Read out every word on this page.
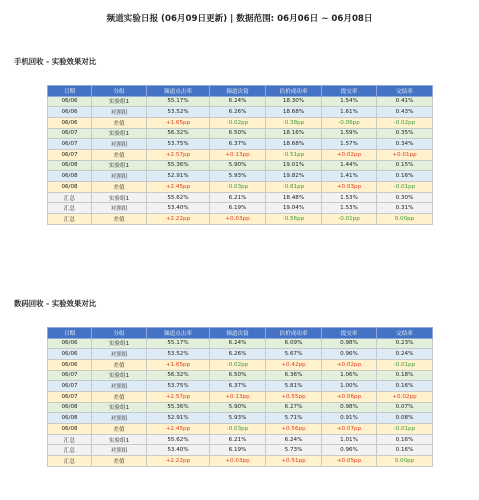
频道实验日报 (06月09日更新) | 数据范围: 06月06日 ~ 06月08日
手机回收 - 实验效果对比
日期	分组	频道点击率	频道次留	估价成功率	提交率	完结率
06/06	实验组1	55.17%	6.24%	18.30%	1.54%	0.41%
06/06	对照组	53.52%	6.26%	18.68%	1.61%	0.43%
06/06	差值	+1.65pp	-0.02pp	-0.38pp	-0.06pp	-0.02pp
06/07	实验组1	56.32%	6.50%	18.16%	1.59%	0.35%
06/07	对照组	53.75%	6.37%	18.68%	1.57%	0.34%
06/07	差值	+2.57pp	+0.13pp	-0.51pp	+0.02pp	+0.01pp
06/08	实验组1	55.36%	5.90%	19.01%	1.44%	0.15%
06/08	对照组	52.91%	5.93%	19.82%	1.41%	0.16%
06/08	差值	+2.45pp	-0.03pp	-0.81pp	+0.03pp	-0.01pp
汇总	实验组1	55.62%	6.21%	18.48%	1.53%	0.30%
汇总	对照组	53.40%	6.19%	19.04%	1.53%	0.31%
汇总	差值	+2.22pp	+0.03pp	-0.56pp	-0.01pp	0.00pp
数码回收 - 实验效果对比
日期	分组	频道点击率	频道次留	估价成功率	提交率	完结率
06/06	实验组1	55.17%	6.24%	6.09%	0.98%	0.23%
06/06	对照组	53.52%	6.26%	5.67%	0.96%	0.24%
06/06	差值	+1.65pp	-0.02pp	+0.42pp	+0.02pp	-0.01pp
06/07	实验组1	56.32%	6.50%	6.36%	1.06%	0.18%
06/07	对照组	53.75%	6.37%	5.81%	1.00%	0.16%
06/07	差值	+2.57pp	+0.13pp	+0.55pp	+0.06pp	+0.02pp
06/08	实验组1	55.36%	5.90%	6.27%	0.98%	0.07%
06/08	对照组	52.91%	5.93%	5.71%	0.91%	0.08%
06/08	差值	+2.45pp	-0.03pp	+0.56pp	+0.07pp	-0.01pp
汇总	实验组1	55.62%	6.21%	6.24%	1.01%	0.16%
汇总	对照组	53.40%	6.19%	5.73%	0.96%	0.16%
汇总	差值	+2.22pp	+0.03pp	+0.51pp	+0.05pp	0.00pp
